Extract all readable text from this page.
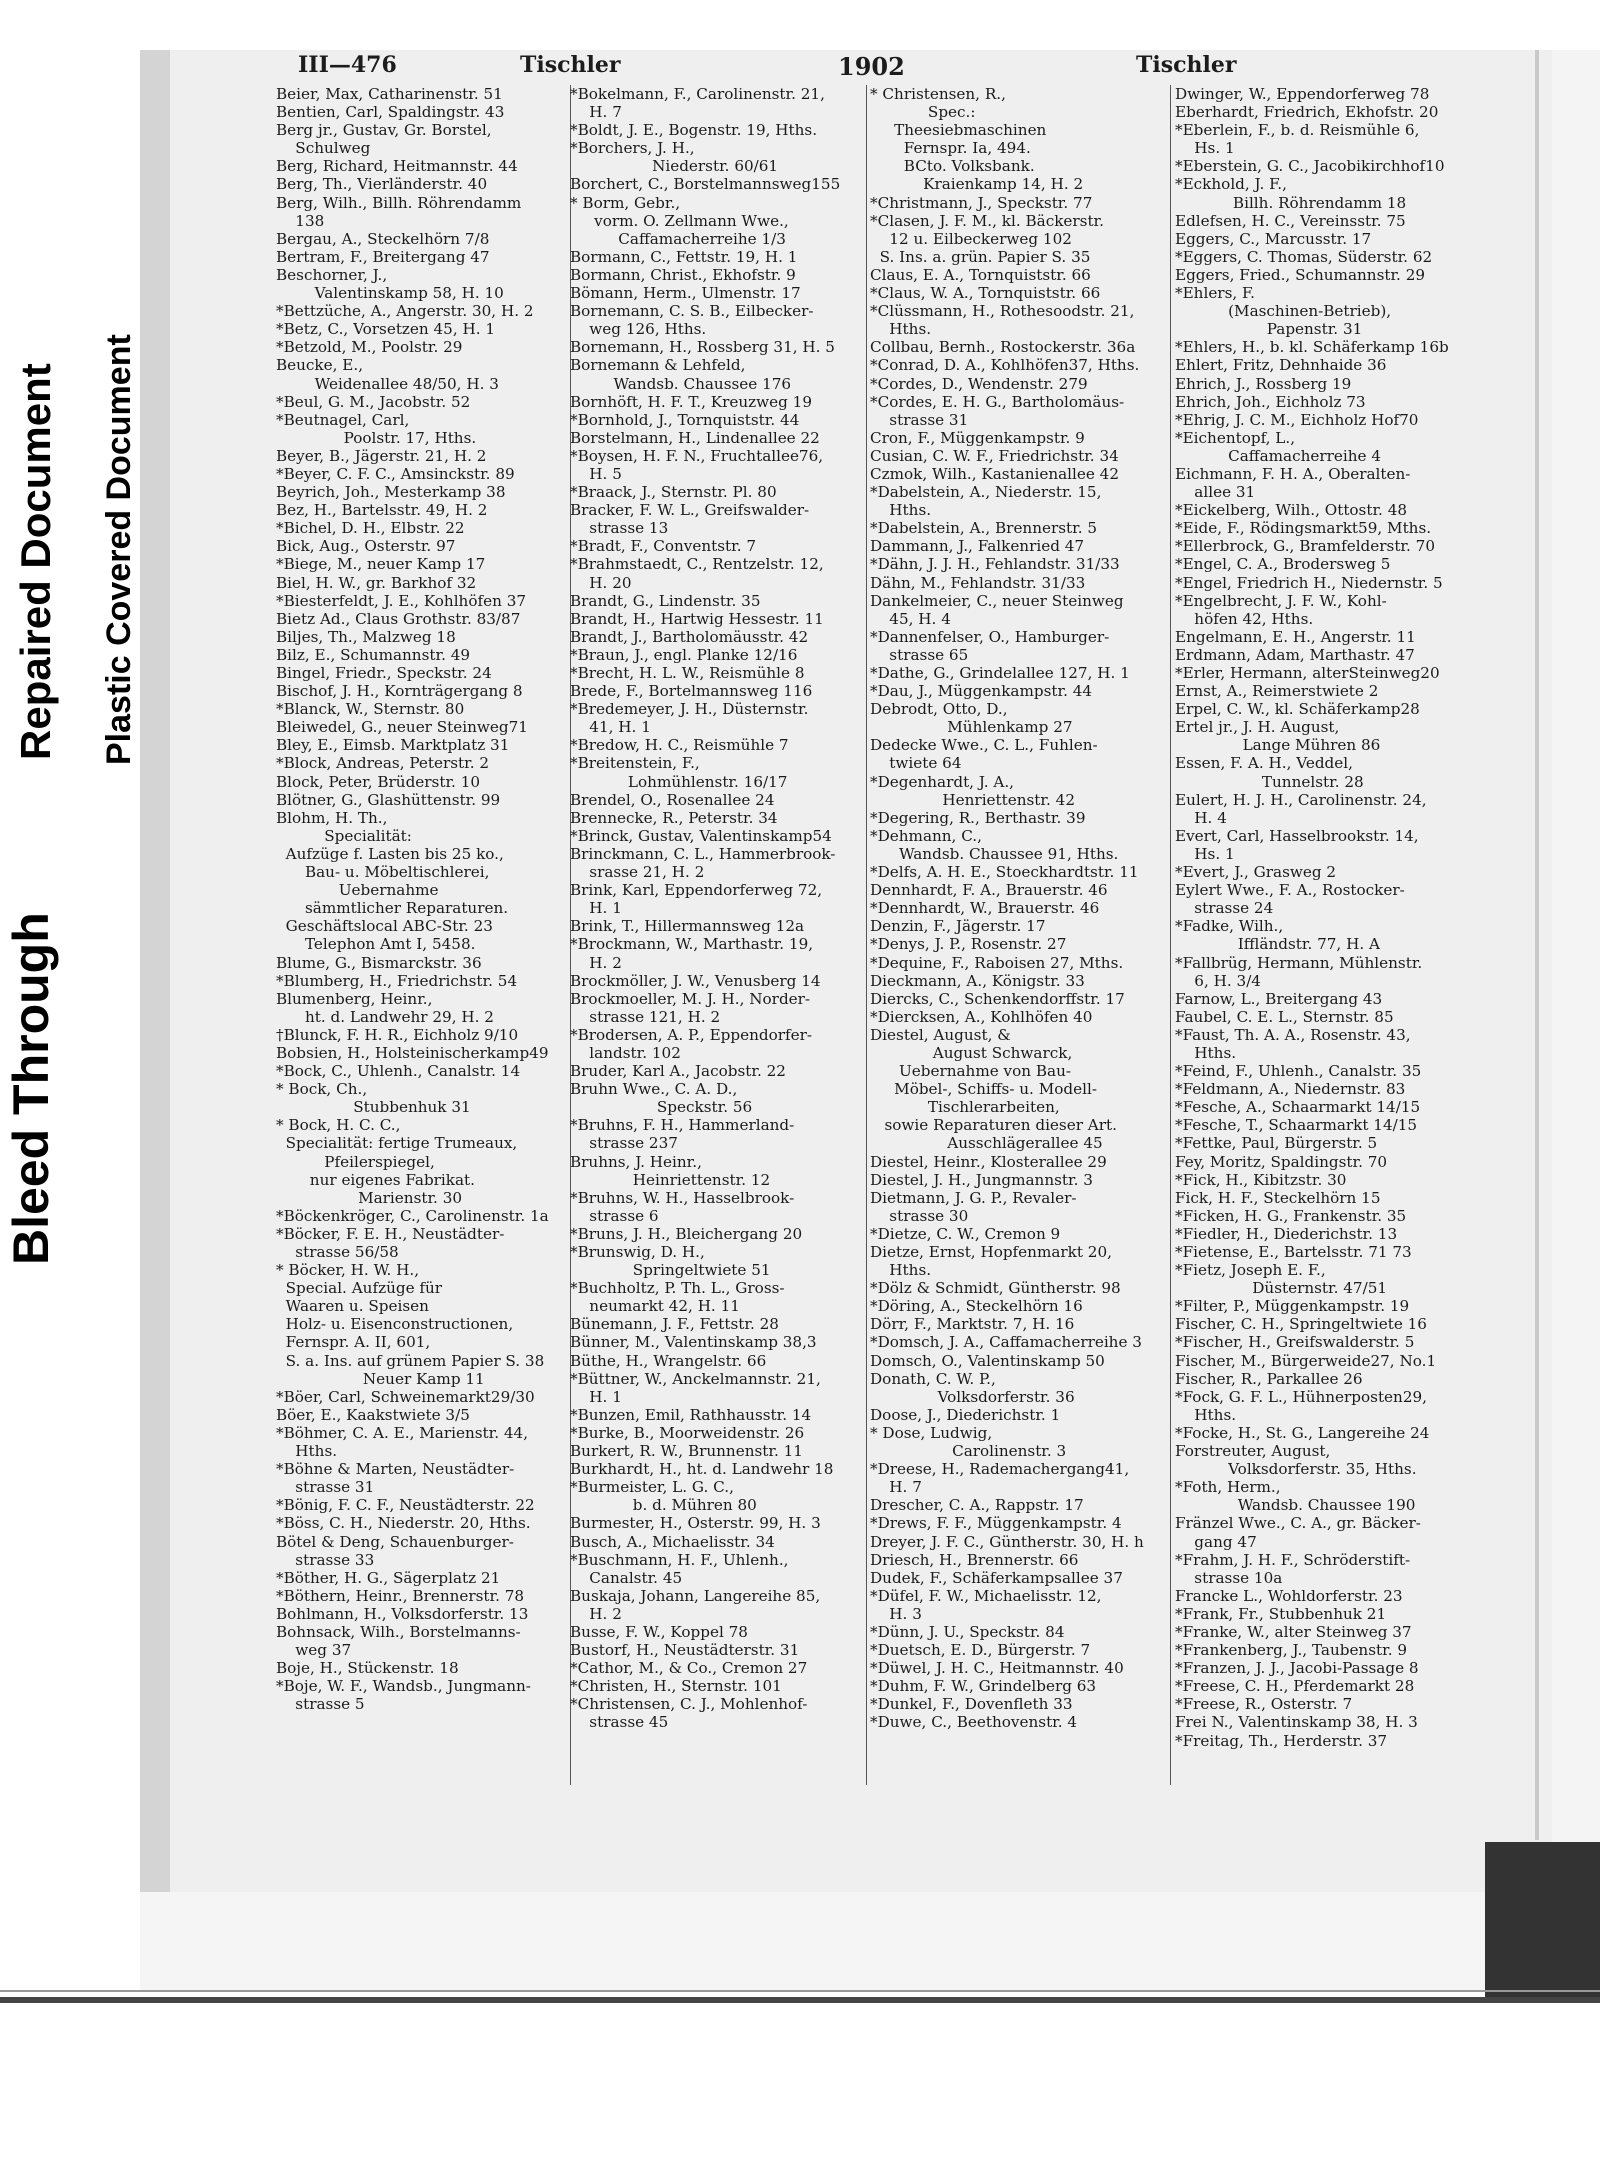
Bleed Through
Repaired Document Plastic Covered Document
III—476	Tischler	1902	Tischler
Beier, Max, Catharinenstr. 51
Bentien, Carl, Spaldingstr. 43
Berg jr., Gustav, Gr. Borstel,
Schulweg
Berg, Richard, Heitmannstr. 44
Berg, Th., Vierländerstr. 40
Berg, Wilh., Billh. Röhrendamm
138
Bergau, A., Steckelhörn 7/8
Bertram, F., Breitergang 47
Beschorner, J.,
Valentinskamp 58, H. 10
*Bettzüche, A., Angerstr. 30, H. 2
*Betz, C., Vorsetzen 45, H. 1
*Betzold, M., Poolstr. 29
Beucke, E.,
Weidenallee 48/50, H. 3
*Beul, G. M., Jacobstr. 52
*Beutnagel, Carl,
Poolstr. 17, Hths.
Beyer, B., Jägerstr. 21, H. 2
*Beyer, C. F. C., Amsinckstr. 89
Beyrich, Joh., Mesterkamp 38
Bez, H., Bartelsstr. 49, H. 2
*Bichel, D. H., Elbstr. 22
Bick, Aug., Osterstr. 97
*Biege, M., neuer Kamp 17
Biel, H. W., gr. Barkhof 32
*Biesterfeldt, J. E., Kohlhöfen 37
Bietz Ad., Claus Grothstr. 83/87
Biljes, Th., Malzweg 18
Bilz, E., Schumannstr. 49
Bingel, Friedr., Speckstr. 24
Bischof, J. H., Kornträgergang 8
*Blanck, W., Sternstr. 80
Bleiwedel, G., neuer Steinweg71
Bley, E., Eimsb. Marktplatz 31
*Block, Andreas, Peterstr. 2
Block, Peter, Brüderstr. 10
Blötner, G., Glashüttenstr. 99
Blohm, H. Th.,
Specialität:
Aufzüge f. Lasten bis 25 ko.,
Bau- u. Möbeltischlerei,
Uebernahme
sämmtlicher Reparaturen.
Geschäftslocal ABC-Str. 23
Telephon Amt I, 5458.
Blume, G., Bismarckstr. 36
*Blumberg, H., Friedrichstr. 54
Blumenberg, Heinr.,
ht. d. Landwehr 29, H. 2
†Blunck, F. H. R., Eichholz 9/10
Bobsien, H., Holsteinischerkamp49
*Bock, C., Uhlenh., Canalstr. 14
* Bock, Ch.,
Stubbenhuk 31
* Bock, H. C. C.,
Specialität: fertige Trumeaux,
Pfeilerspiegel,
nur eigenes Fabrikat.
Marienstr. 30
*Böckenkröger, C., Carolinenstr. 1a
*Böcker, F. E. H., Neustädter-
strasse 56/58
* Böcker, H. W. H.,
Special. Aufzüge für
Waaren u. Speisen
Holz- u. Eisenconstructionen,
Fernspr. A. II, 601,
S. a. Ins. auf grünem Papier S. 38
Neuer Kamp 11
*Böer, Carl, Schweinemarkt29/30
Böer, E., Kaakstwiete 3/5
*Böhmer, C. A. E., Marienstr. 44,
Hths.
*Böhne & Marten, Neustädter-
strasse 31
*Bönig, F. C. F., Neustädterstr. 22
*Böss, C. H., Niederstr. 20, Hths.
Bötel & Deng, Schauenburger-
strasse 33
*Böther, H. G., Sägerplatz 21
*Böthern, Heinr., Brennerstr. 78
Bohlmann, H., Volksdorferstr. 13
Bohnsack, Wilh., Borstelmanns-
weg 37
Boje, H., Stückenstr. 18
*Boje, W. F., Wandsb., Jungmann-
strasse 5
*Bokelmann, F., Carolinenstr. 21,
H. 7
*Boldt, J. E., Bogenstr. 19, Hths.
*Borchers, J. H.,
Niederstr. 60/61
Borchert, C., Borstelmannsweg155
* Borm, Gebr.,
vorm. O. Zellmann Wwe.,
Caffamacherreihe 1/3
Bormann, C., Fettstr. 19, H. 1
Bormann, Christ., Ekhofstr. 9
Bömann, Herm., Ulmenstr. 17
Bornemann, C. S. B., Eilbecker-
weg 126, Hths.
Bornemann, H., Rossberg 31, H. 5
Bornemann & Lehfeld,
Wandsb. Chaussee 176
Bornhöft, H. F. T., Kreuzweg 19
*Bornhold, J., Tornquiststr. 44
Borstelmann, H., Lindenallee 22
*Boysen, H. F. N., Fruchtallee76,
H. 5
*Braack, J., Sternstr. Pl. 80
Bracker, F. W. L., Greifswalder-
strasse 13
*Bradt, F., Conventstr. 7
*Brahmstaedt, C., Rentzelstr. 12,
H. 20
Brandt, G., Lindenstr. 35
Brandt, H., Hartwig Hessestr. 11
Brandt, J., Bartholomäusstr. 42
*Braun, J., engl. Planke 12/16
*Brecht, H. L. W., Reismühle 8
Brede, F., Bortelmannsweg 116
*Bredemeyer, J. H., Düsternstr.
41, H. 1
*Bredow, H. C., Reismühle 7
*Breitenstein, F.,
Lohmühlenstr. 16/17
Brendel, O., Rosenallee 24
Brennecke, R., Peterstr. 34
*Brinck, Gustav, Valentinskamp54
Brinckmann, C. L., Hammerbrook-
srasse 21, H. 2
Brink, Karl, Eppendorferweg 72,
H. 1
Brink, T., Hillermannsweg 12a
*Brockmann, W., Marthastr. 19,
H. 2
Brockmöller, J. W., Venusberg 14
Brockmoeller, M. J. H., Norder-
strasse 121, H. 2
*Brodersen, A. P., Eppendorfer-
landstr. 102
Bruder, Karl A., Jacobstr. 22
Bruhn Wwe., C. A. D.,
Speckstr. 56
*Bruhns, F. H., Hammerland-
strasse 237
Bruhns, J. Heinr.,
Heinriettenstr. 12
*Bruhns, W. H., Hasselbrook-
strasse 6
*Bruns, J. H., Bleichergang 20
*Brunswig, D. H.,
Springeltwiete 51
*Buchholtz, P. Th. L., Gross-
neumarkt 42, H. 11
Bünemann, J. F., Fettstr. 28
Bünner, M., Valentinskamp 38,3
Büthe, H., Wrangelstr. 66
*Büttner, W., Anckelmannstr. 21,
H. 1
*Bunzen, Emil, Rathhausstr. 14
*Burke, B., Moorweidenstr. 26
Burkert, R. W., Brunnenstr. 11
Burkhardt, H., ht. d. Landwehr 18
*Burmeister, L. G. C.,
b. d. Mühren 80
Burmester, H., Osterstr. 99, H. 3
Busch, A., Michaelisstr. 34
*Buschmann, H. F., Uhlenh.,
Canalstr. 45
Buskaja, Johann, Langereihe 85,
H. 2
Busse, F. W., Koppel 78
Bustorf, H., Neustädterstr. 31
*Cathor, M., & Co., Cremon 27
*Christen, H., Sternstr. 101
*Christensen, C. J., Mohlenhof-
strasse 45
* Christensen, R.,
Spec.:
Theesiebmaschinen
Fernspr. Ia, 494.
BCto. Volksbank.
Kraienkamp 14, H. 2
*Christmann, J., Speckstr. 77
*Clasen, J. F. M., kl. Bäckerstr.
12 u. Eilbeckerweg 102
S. Ins. a. grün. Papier S. 35
Claus, E. A., Tornquiststr. 66
*Claus, W. A., Tornquiststr. 66
*Clüssmann, H., Rothesoodstr. 21,
Hths.
Collbau, Bernh., Rostockerstr. 36a
*Conrad, D. A., Kohlhöfen37, Hths.
*Cordes, D., Wendenstr. 279
*Cordes, E. H. G., Bartholomäus-
strasse 31
Cron, F., Müggenkampstr. 9
Cusian, C. W. F., Friedrichstr. 34
Czmok, Wilh., Kastanienallee 42
*Dabelstein, A., Niederstr. 15,
Hths.
*Dabelstein, A., Brennerstr. 5
Dammann, J., Falkenried 47
*Dähn, J. J. H., Fehlandstr. 31/33
Dähn, M., Fehlandstr. 31/33
Dankelmeier, C., neuer Steinweg
45, H. 4
*Dannenfelser, O., Hamburger-
strasse 65
*Dathe, G., Grindelallee 127, H. 1
*Dau, J., Müggenkampstr. 44
Debrodt, Otto, D.,
Mühlenkamp 27
Dedecke Wwe., C. L., Fuhlen-
twiete 64
*Degenhardt, J. A.,
Henriettenstr. 42
*Degering, R., Berthastr. 39
*Dehmann, C.,
Wandsb. Chaussee 91, Hths.
*Delfs, A. H. E., Stoeckhardtstr. 11
Dennhardt, F. A., Brauerstr. 46
*Dennhardt, W., Brauerstr. 46
Denzin, F., Jägerstr. 17
*Denys, J. P., Rosenstr. 27
*Dequine, F., Raboisen 27, Mths.
Dieckmann, A., Königstr. 33
Diercks, C., Schenkendorffstr. 17
*Diercksen, A., Kohlhöfen 40
Diestel, August, &
August Schwarck,
Uebernahme von Bau-
Möbel-, Schiffs- u. Modell-
Tischlerarbeiten,
sowie Reparaturen dieser Art.
Ausschlägerallee 45
Diestel, Heinr., Klosterallee 29
Diestel, J. H., Jungmannstr. 3
Dietmann, J. G. P., Revaler-
strasse 30
*Dietze, C. W., Cremon 9
Dietze, Ernst, Hopfenmarkt 20,
Hths.
*Dölz & Schmidt, Güntherstr. 98
*Döring, A., Steckelhörn 16
Dörr, F., Marktstr. 7, H. 16
*Domsch, J. A., Caffamacherreihe 3
Domsch, O., Valentinskamp 50
Donath, C. W. P.,
Volksdorferstr. 36
Doose, J., Diederichstr. 1
* Dose, Ludwig,
Carolinenstr. 3
*Dreese, H., Rademachergang41,
H. 7
Drescher, C. A., Rappstr. 17
*Drews, F. F., Müggenkampstr. 4
Dreyer, J. F. C., Güntherstr. 30, H. h
Driesch, H., Brennerstr. 66
Dudek, F., Schäferkampsallee 37
*Düfel, F. W., Michaelisstr. 12,
H. 3
*Dünn, J. U., Speckstr. 84
*Duetsch, E. D., Bürgerstr. 7
*Düwel, J. H. C., Heitmannstr. 40
*Duhm, F. W., Grindelberg 63
*Dunkel, F., Dovenfleth 33
*Duwe, C., Beethovenstr. 4
Dwinger, W., Eppendorferweg 78
Eberhardt, Friedrich, Ekhofstr. 20
*Eberlein, F., b. d. Reismühle 6,
Hs. 1
*Eberstein, G. C., Jacobikirchhof10
*Eckhold, J. F.,
Billh. Röhrendamm 18
Edlefsen, H. C., Vereinsstr. 75
Eggers, C., Marcusstr. 17
*Eggers, C. Thomas, Süderstr. 62
Eggers, Fried., Schumannstr. 29
*Ehlers, F.
(Maschinen-Betrieb),
Papenstr. 31
*Ehlers, H., b. kl. Schäferkamp 16b
Ehlert, Fritz, Dehnhaide 36
Ehrich, J., Rossberg 19
Ehrich, Joh., Eichholz 73
*Ehrig, J. C. M., Eichholz Hof70
*Eichentopf, L.,
Caffamacherreihe 4
Eichmann, F. H. A., Oberalten-
allee 31
*Eickelberg, Wilh., Ottostr. 48
*Eide, F., Rödingsmarkt59, Mths.
*Ellerbrock, G., Bramfelderstr. 70
*Engel, C. A., Brodersweg 5
*Engel, Friedrich H., Niedernstr. 5
*Engelbrecht, J. F. W., Kohl-
höfen 42, Hths.
Engelmann, E. H., Angerstr. 11
Erdmann, Adam, Marthastr. 47
*Erler, Hermann, alterSteinweg20
Ernst, A., Reimerstwiete 2
Erpel, C. W., kl. Schäferkamp28
Ertel jr., J. H. August,
Lange Mühren 86
Essen, F. A. H., Veddel,
Tunnelstr. 28
Eulert, H. J. H., Carolinenstr. 24,
H. 4
Evert, Carl, Hasselbrookstr. 14,
Hs. 1
*Evert, J., Grasweg 2
Eylert Wwe., F. A., Rostocker-
strasse 24
*Fadke, Wilh.,
Iffländstr. 77, H. A
*Fallbrüg, Hermann, Mühlenstr.
6, H. 3/4
Farnow, L., Breitergang 43
Faubel, C. E. L., Sternstr. 85
*Faust, Th. A. A., Rosenstr. 43,
Hths.
*Feind, F., Uhlenh., Canalstr. 35
*Feldmann, A., Niedernstr. 83
*Fesche, A., Schaarmarkt 14/15
*Fesche, T., Schaarmarkt 14/15
*Fettke, Paul, Bürgerstr. 5
Fey, Moritz, Spaldingstr. 70
*Fick, H., Kibitzstr. 30
Fick, H. F., Steckelhörn 15
*Ficken, H. G., Frankenstr. 35
*Fiedler, H., Diederichstr. 13
*Fietense, E., Bartelsstr. 71 73
*Fietz, Joseph E. F.,
Düsternstr. 47/51
*Filter, P., Müggenkampstr. 19
Fischer, C. H., Springeltwiete 16
*Fischer, H., Greifswalderstr. 5
Fischer, M., Bürgerweide27, No.1
Fischer, R., Parkallee 26
*Fock, G. F. L., Hühnerposten29,
Hths.
*Focke, H., St. G., Langereihe 24
Forstreuter, August,
Volksdorferstr. 35, Hths.
*Foth, Herm.,
Wandsb. Chaussee 190
Fränzel Wwe., C. A., gr. Bäcker-
gang 47
*Frahm, J. H. F., Schröderstift-
strasse 10a
Francke L., Wohldorferstr. 23
*Frank, Fr., Stubbenhuk 21
*Franke, W., alter Steinweg 37
*Frankenberg, J., Taubenstr. 9
*Franzen, J. J., Jacobi-Passage 8
*Freese, C. H., Pferdemarkt 28
*Freese, R., Osterstr. 7
Frei N., Valentinskamp 38, H. 3
*Freitag, Th., Herderstr. 37
